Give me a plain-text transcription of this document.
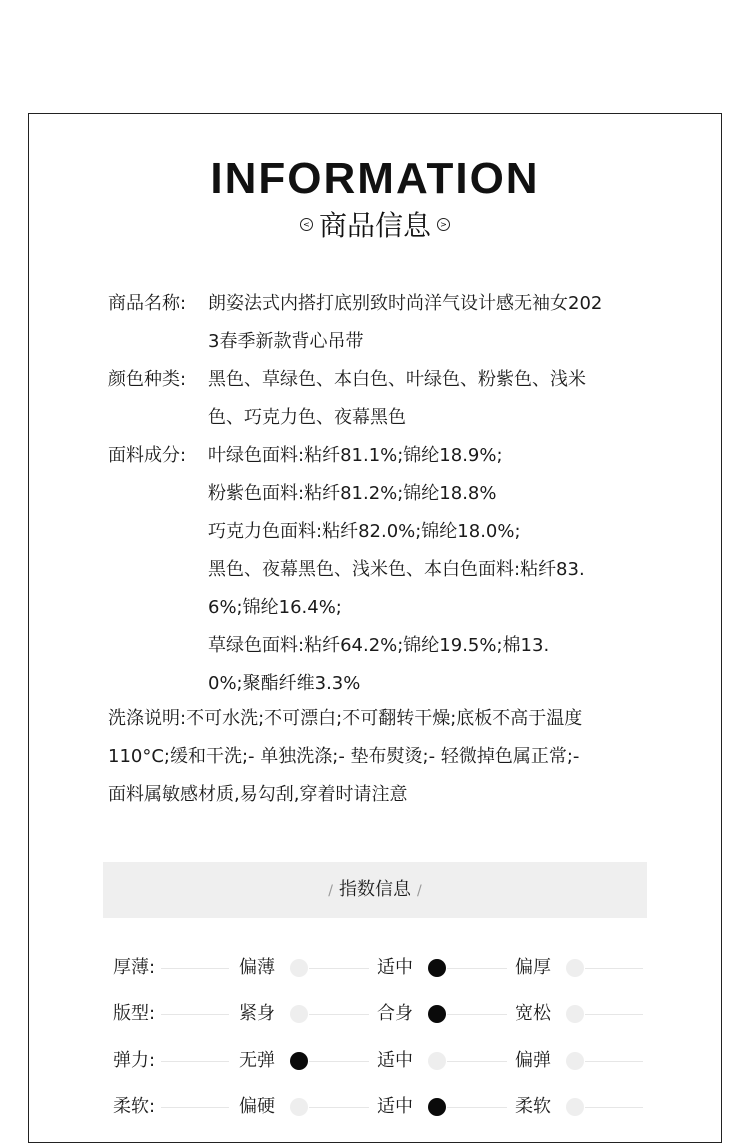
INFORMATION
< 商品信息 >
商品名称:	朗姿法式内搭打底别致时尚洋气设计感无袖女202
3春季新款背心吊带
颜色种类:	黑色、草绿色、本白色、叶绿色、粉紫色、浅米
色、巧克力色、夜幕黑色
面料成分:	叶绿色面料:粘纤81.1%;锦纶18.9%;
粉紫色面料:粘纤81.2%;锦纶18.8%
巧克力色面料:粘纤82.0%;锦纶18.0%;
黑色、夜幕黑色、浅米色、本白色面料:粘纤83.
6%;锦纶16.4%;
草绿色面料:粘纤64.2%;锦纶19.5%;棉13.
0%;聚酯纤维3.3%
洗涤说明:不可水洗;不可漂白;不可翻转干燥;底板不高于温度
110°C;缓和干洗;- 单独洗涤;- 垫布熨烫;- 轻微掉色属正常;-
面料属敏感材质,易勾刮,穿着时请注意
/ 指数信息 /
厚薄:	偏薄	适中	偏厚
版型:	紧身	合身	宽松
弹力:	无弹	适中	偏弹
柔软:	偏硬	适中	柔软
